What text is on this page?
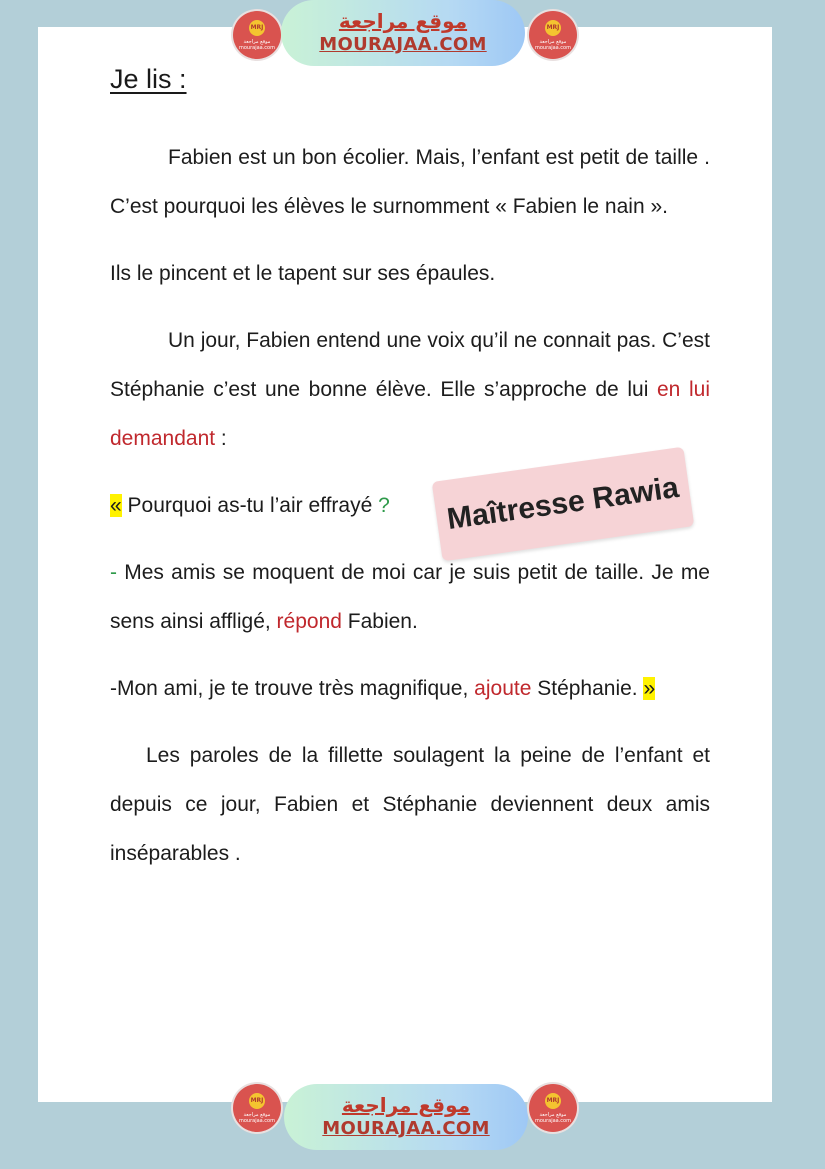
MRJ
موقع مراجعة mourajaa.com
موقع مراجعة
MOURAJAA.COM
MRJ
موقع مراجعة mourajaa.com
Je lis :
Fabien est un bon écolier. Mais, l’enfant est petit de taille . C’est pourquoi les élèves le surnomment « Fabien le nain ».
Ils le pincent et le tapent sur ses épaules.
Un jour, Fabien entend une voix qu’il ne connait pas. C’est Stéphanie c’est une bonne élève. Elle s’approche de lui en lui demandant :
« Pourquoi as-tu l’air effrayé ?
- Mes amis se moquent de moi car je suis petit de taille. Je me sens ainsi affligé, répond Fabien.
-Mon ami, je te trouve très magnifique, ajoute Stéphanie. »
Les paroles de la fillette soulagent la peine de l’enfant et depuis ce jour, Fabien et Stéphanie deviennent deux amis inséparables .
Maîtresse Rawia
MRJ
موقع مراجعة mourajaa.com
موقع مراجعة
MOURAJAA.COM
MRJ
موقع مراجعة mourajaa.com
